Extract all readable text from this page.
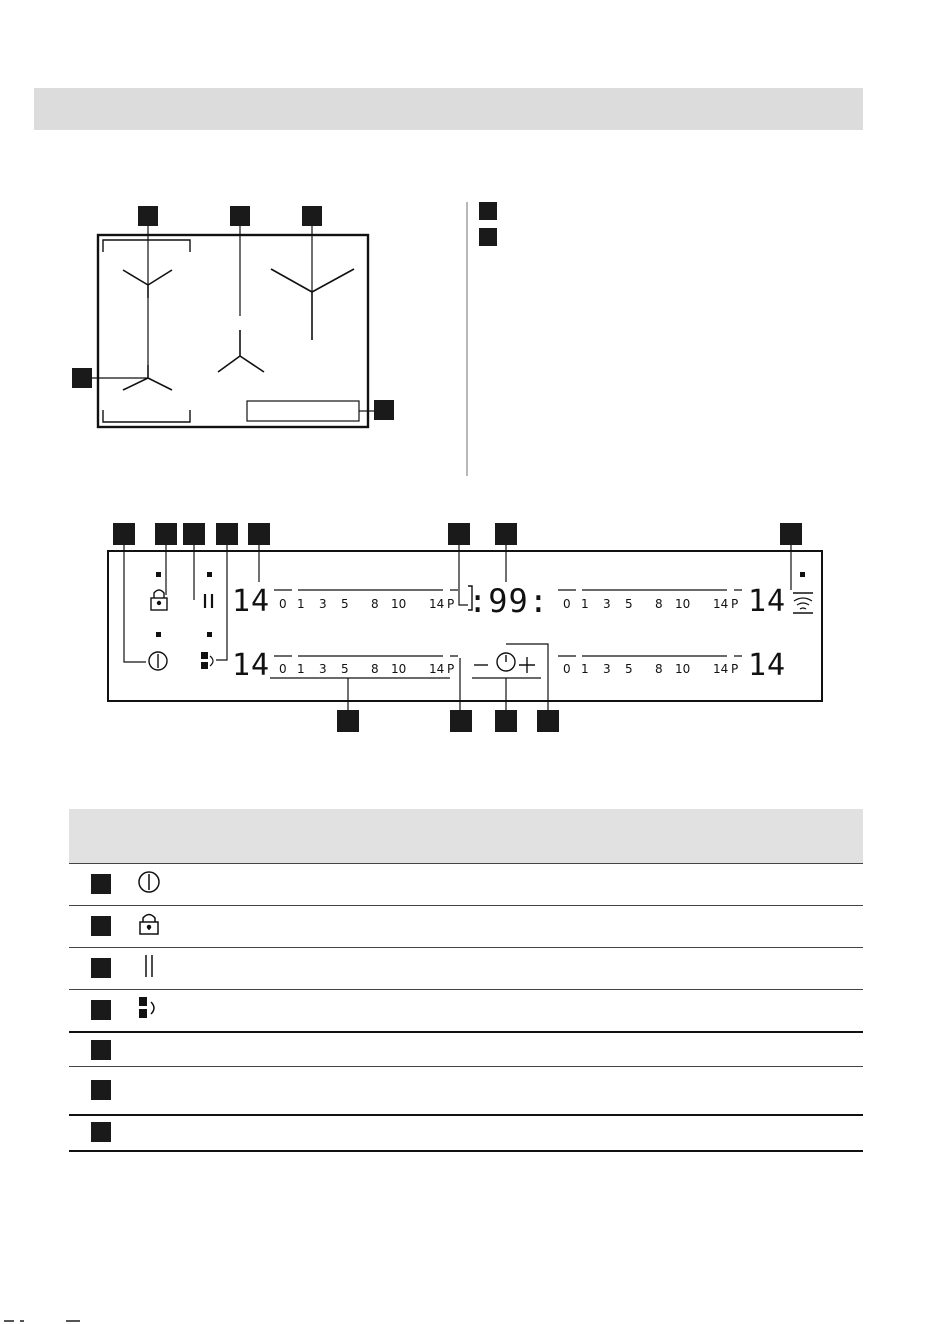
14	:99:	14
14	14
0 1 3 5 8 10 14 P
0 1 3 5 8 10 14 P
0 1 3 5 8 10 14 P
0 1 3 5 8 10 14 P
